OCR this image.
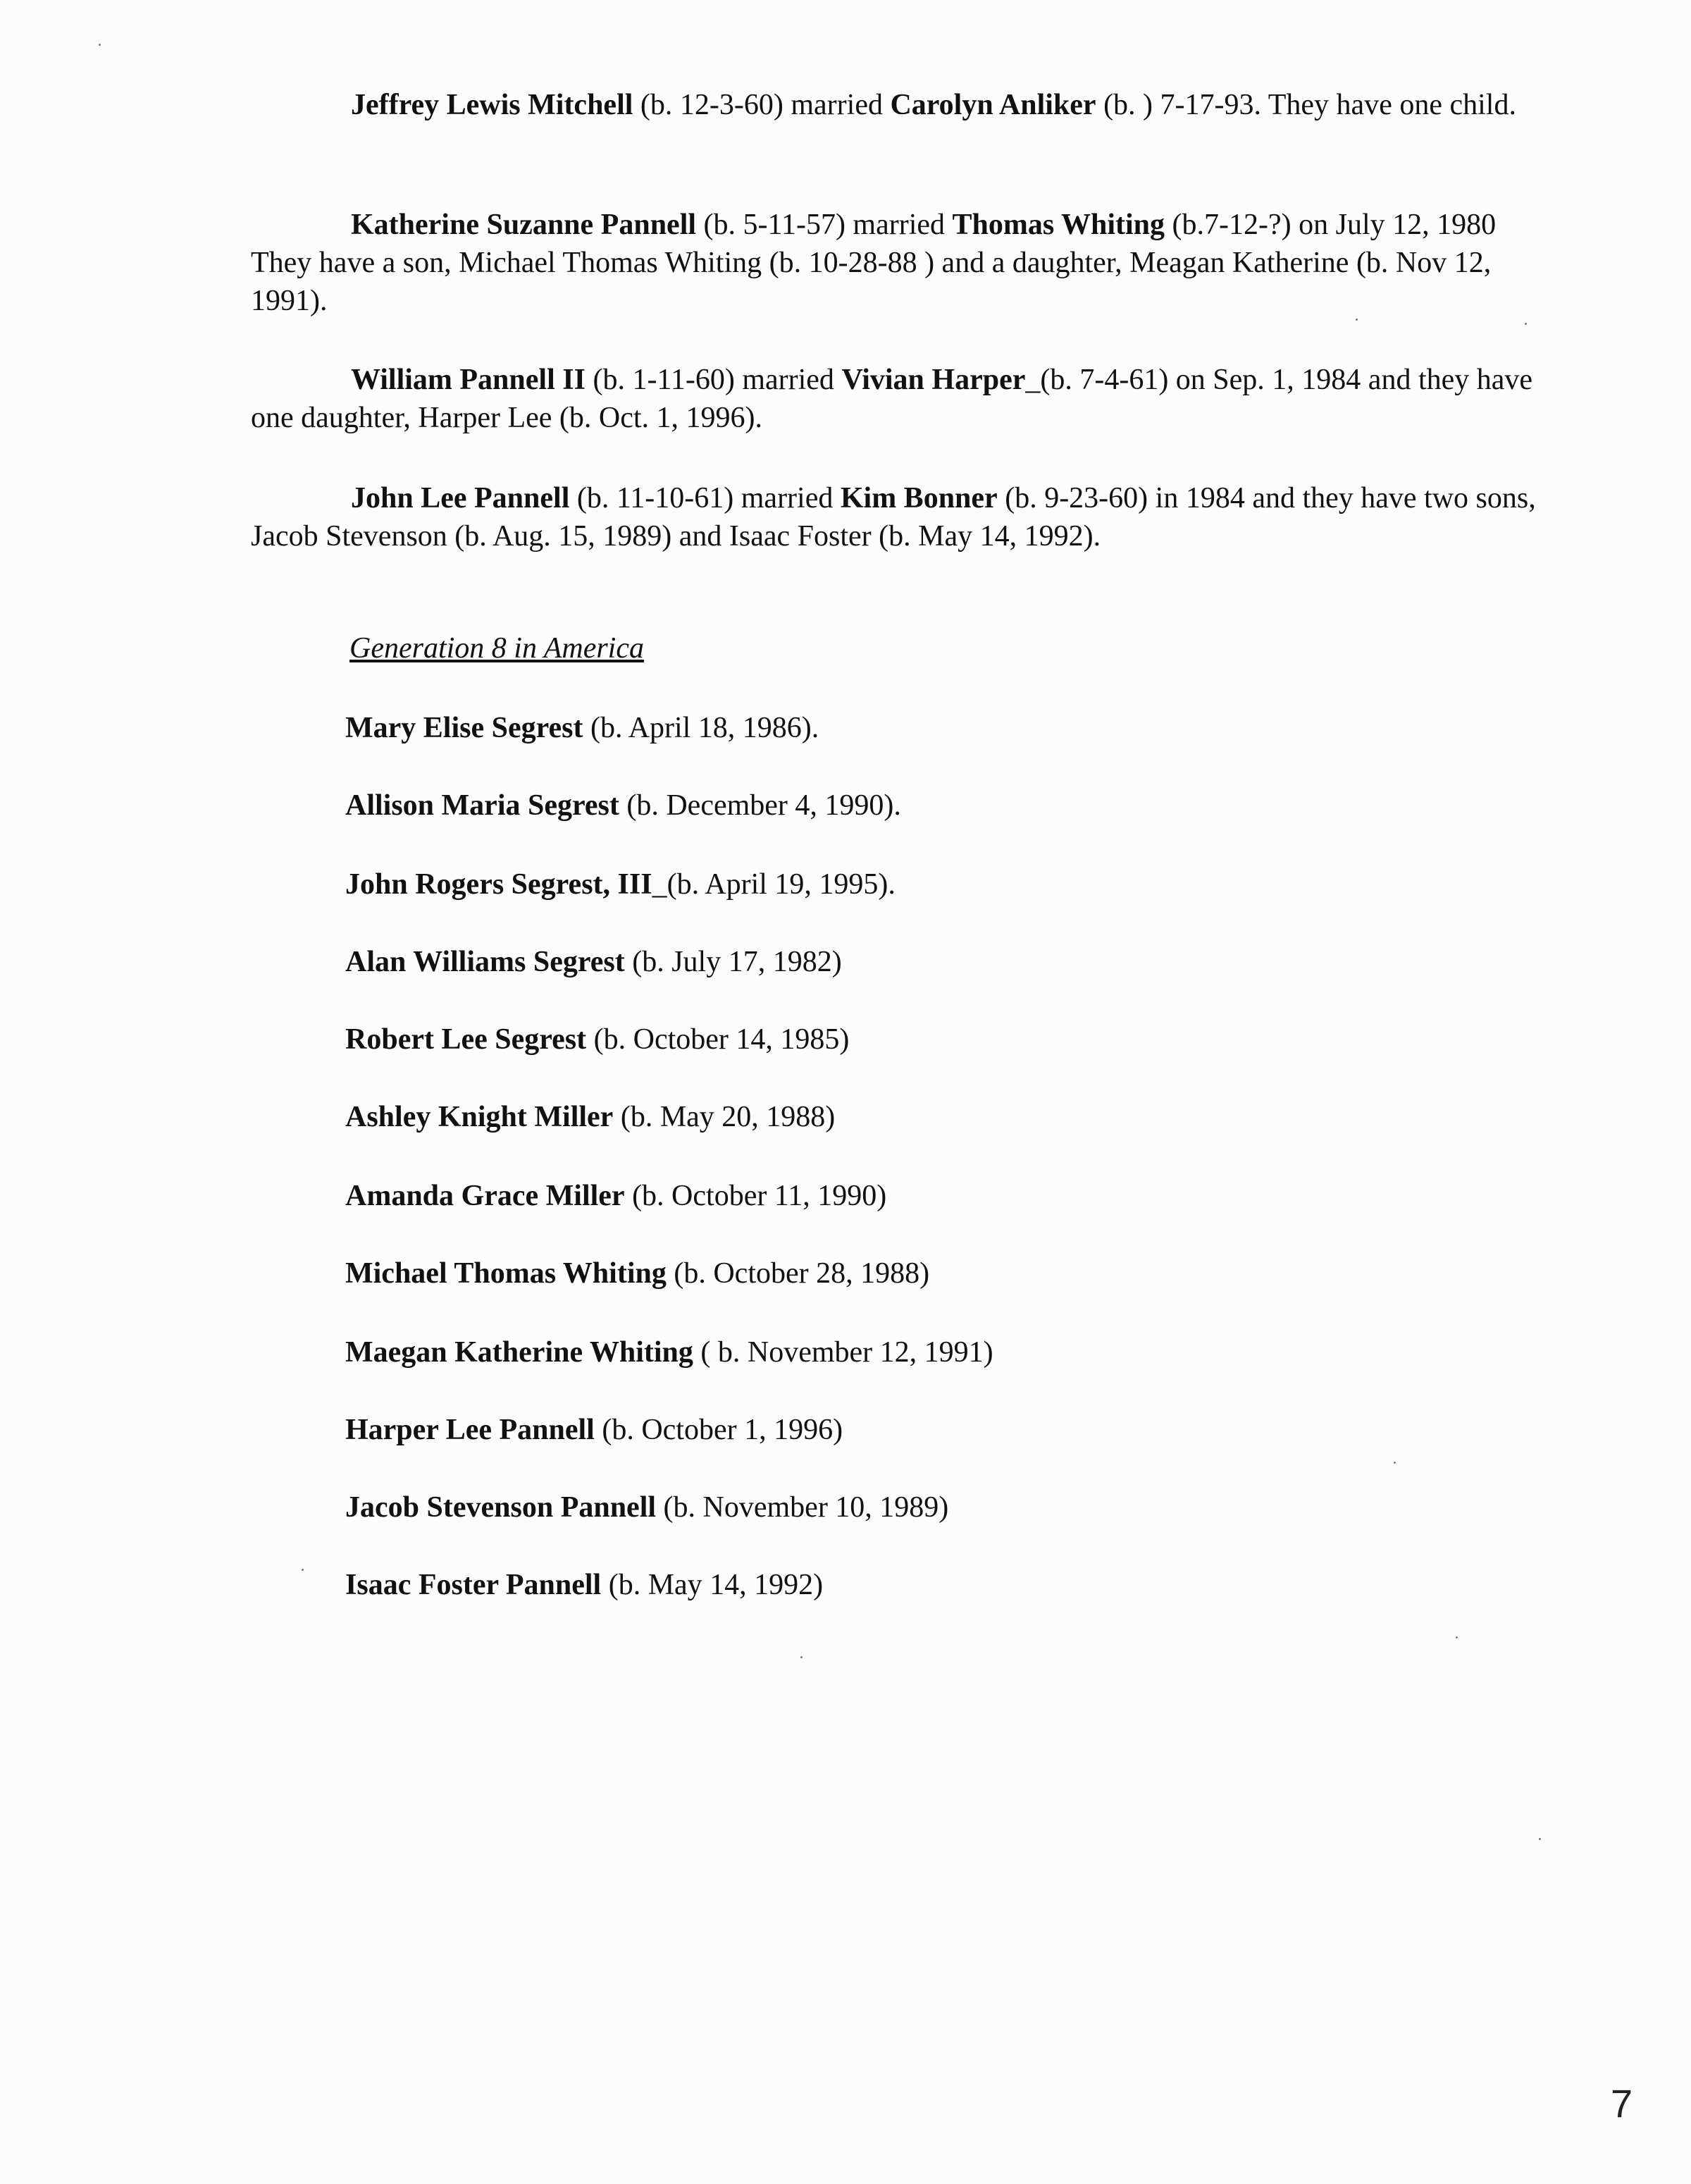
Jeffrey Lewis Mitchell (b. 12-3-60) married Carolyn Anliker (b. ) 7-17-93. They have one child.

Katherine Suzanne Pannell (b. 5-11-57) married Thomas Whiting (b.7-12-?) on July 12, 1980 They have a son, Michael Thomas Whiting (b. 10-28-88 ) and a daughter, Meagan Katherine (b. Nov 12, 1991).

William Pannell II (b. 1-11-60) married Vivian Harper_(b. 7-4-61) on Sep. 1, 1984 and they have one daughter, Harper Lee (b. Oct. 1, 1996).

John Lee Pannell (b. 11-10-61) married Kim Bonner (b. 9-23-60) in 1984 and they have two sons, Jacob Stevenson (b. Aug. 15, 1989) and Isaac Foster (b. May 14, 1992).

Generation 8 in America

Mary Elise Segrest (b. April 18, 1986).

Allison Maria Segrest (b. December 4, 1990).

John Rogers Segrest, III_(b. April 19, 1995).

Alan Williams Segrest (b. July 17, 1982)

Robert Lee Segrest (b. October 14, 1985)

Ashley Knight Miller (b. May 20, 1988)

Amanda Grace Miller (b. October 11, 1990)

Michael Thomas Whiting (b. October 28, 1988)

Maegan Katherine Whiting ( b. November 12, 1991)

Harper Lee Pannell (b. October 1, 1996)

Jacob Stevenson Pannell (b. November 10, 1989)

Isaac Foster Pannell (b. May 14, 1992)

7
